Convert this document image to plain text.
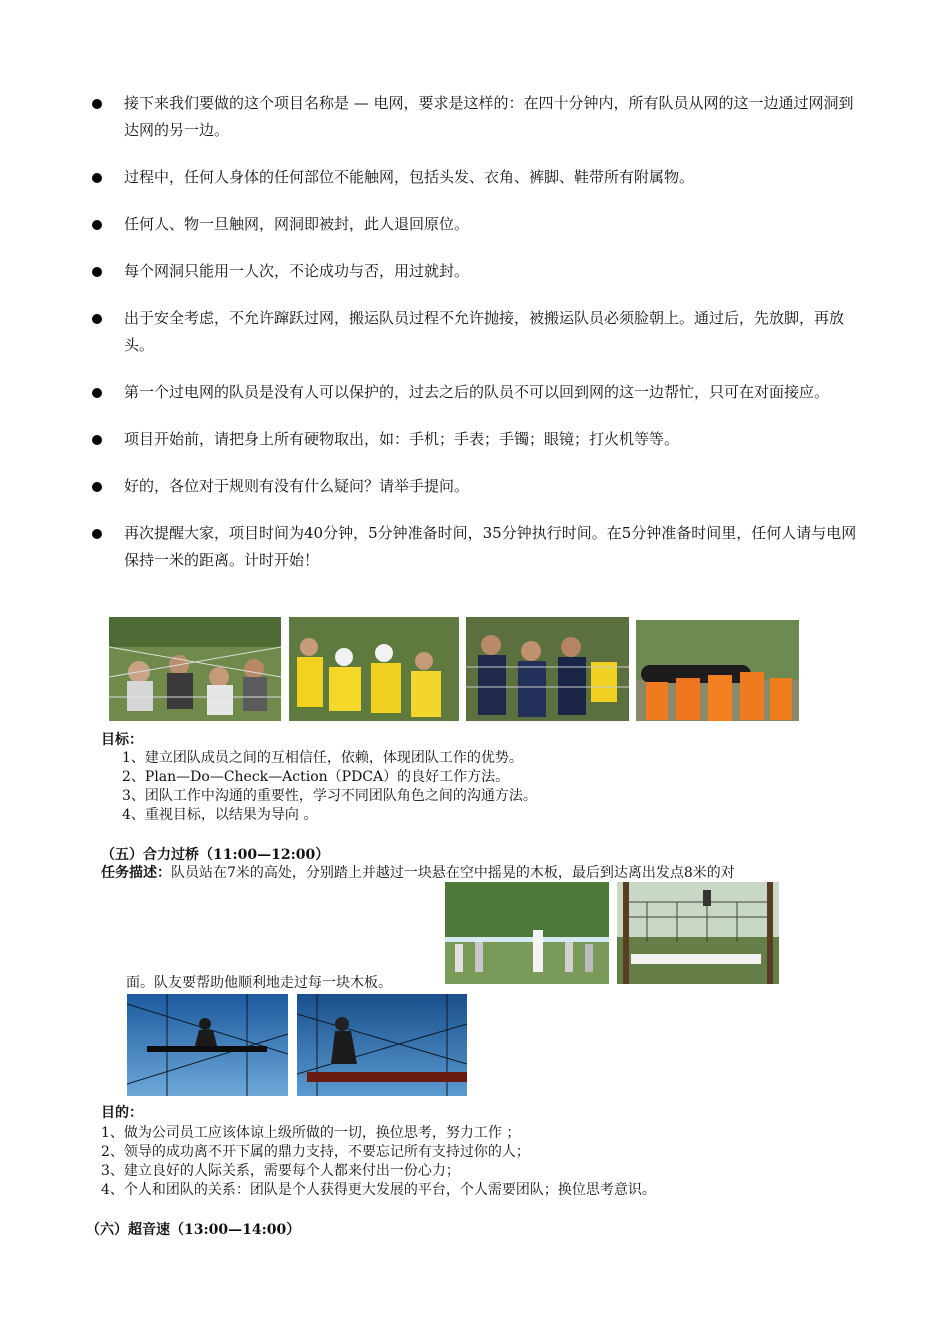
接下来我们要做的这个项目名称是 — 电网，要求是这样的：在四十分钟内，所有队员从网的这一边通过网洞到达网的另一边。
过程中，任何人身体的任何部位不能触网，包括头发、衣角、裤脚、鞋带所有附属物。
任何人、物一旦触网，网洞即被封，此人退回原位。
每个网洞只能用一人次，不论成功与否，用过就封。
出于安全考虑，不允许蹿跃过网，搬运队员过程不允许抛接，被搬运队员必须脸朝上。通过后，先放脚，再放头。
第一个过电网的队员是没有人可以保护的，过去之后的队员不可以回到网的这一边帮忙，只可在对面接应。
项目开始前，请把身上所有硬物取出，如：手机；手表；手镯；眼镜；打火机等等。
好的，各位对于规则有没有什么疑问？请举手提问。
再次提醒大家，项目时间为40分钟，5分钟准备时间，35分钟执行时间。在5分钟准备时间里，任何人请与电网保持一米的距离。计时开始！
目标：
1、建立团队成员之间的互相信任，依赖，体现团队工作的优势。
2、Plan—Do—Check—Action（PDCA）的良好工作方法。
3、团队工作中沟通的重要性，学习不同团队角色之间的沟通方法。
4、重视目标，以结果为导向 。
（五）合力过桥（11:00—12:00）
任务描述：队员站在7米的高处，分别踏上并越过一块悬在空中摇晃的木板，最后到达离出发点8米的对
面。队友要帮助他顺利地走过每一块木板。
目的：
1、做为公司员工应该体谅上级所做的一切，换位思考，努力工作 ；
2、领导的成功离不开下属的鼎力支持，不要忘记所有支持过你的人；
3、建立良好的人际关系，需要每个人都来付出一份心力；
4、个人和团队的关系：团队是个人获得更大发展的平台，个人需要团队；换位思考意识。
（六）超音速（13:00—14:00）
